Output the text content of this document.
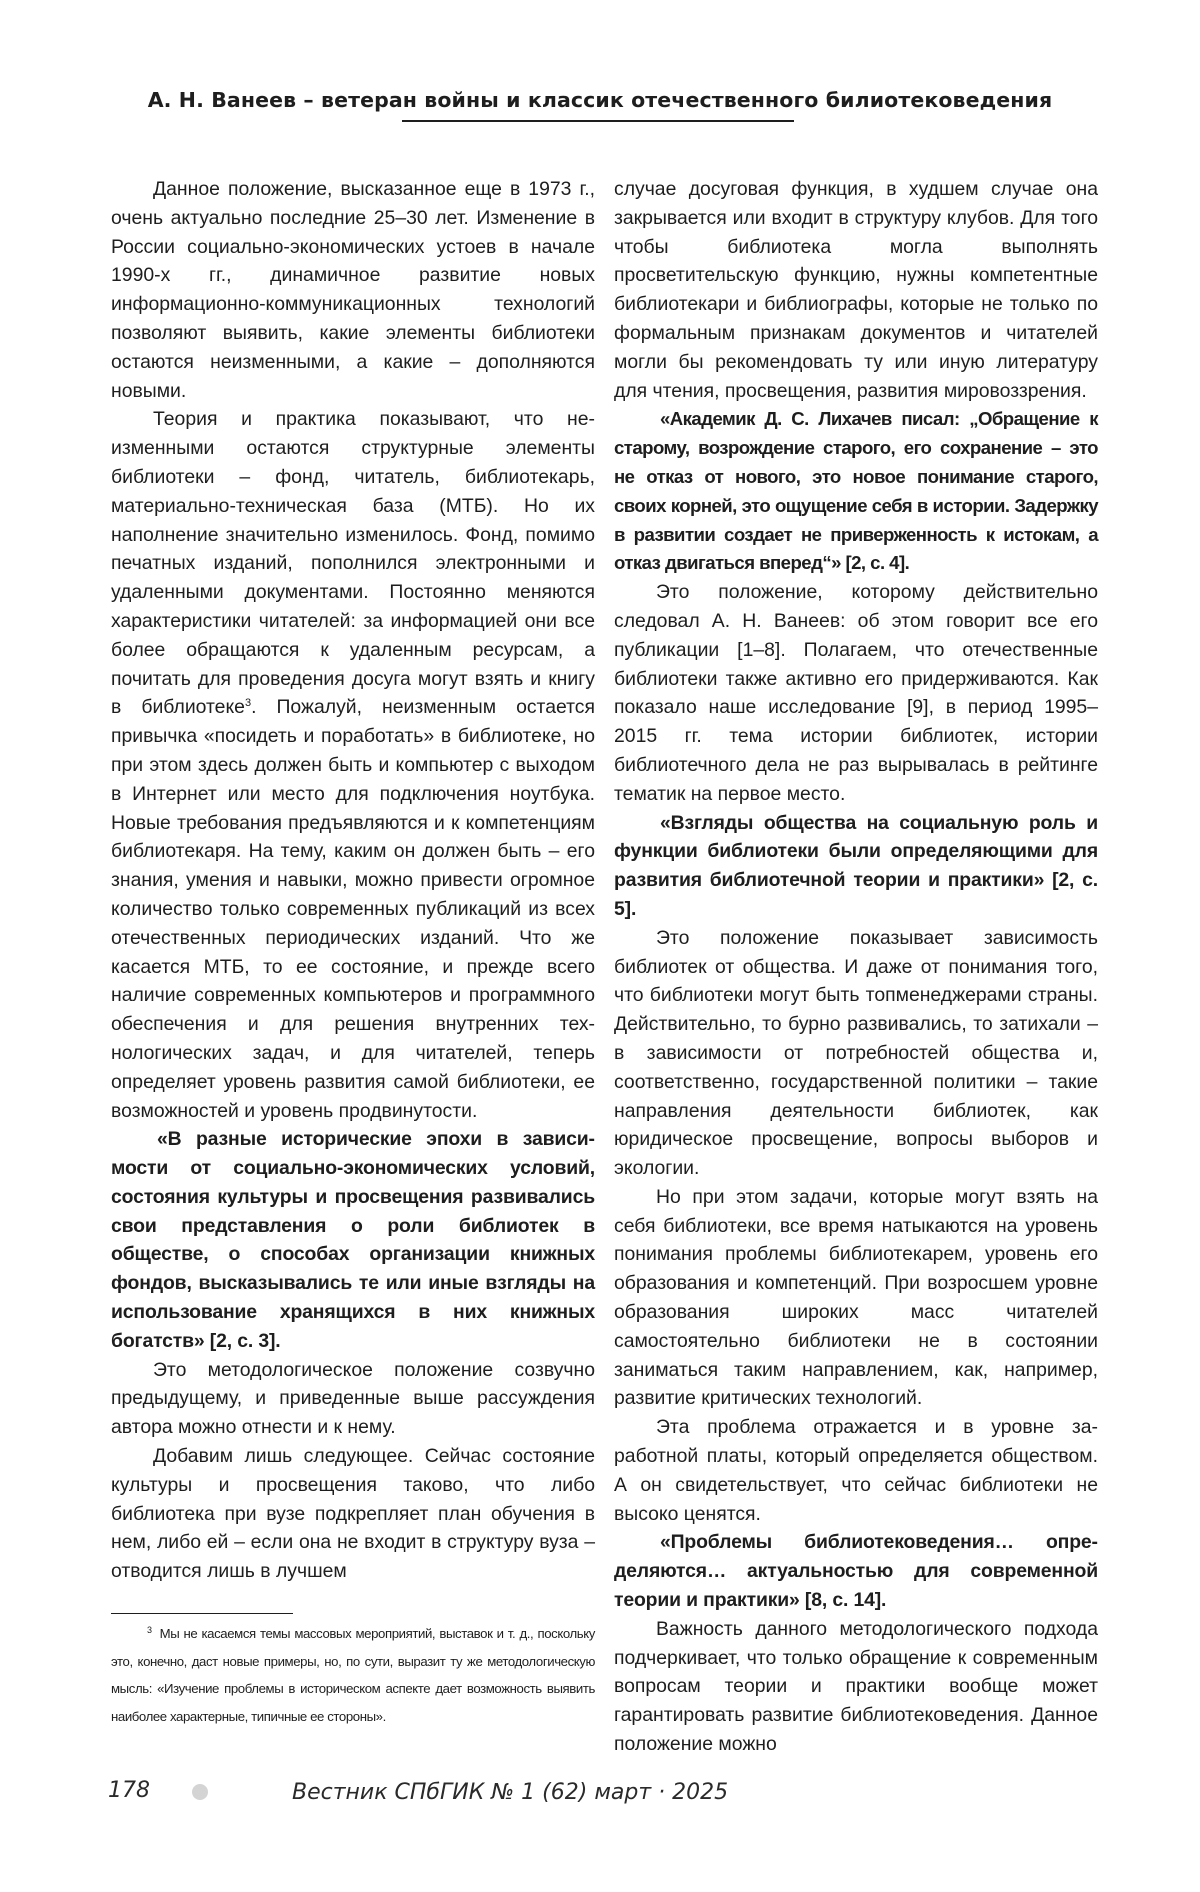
А. Н. Ванеев – ветеран войны и классик отечественного билиотековедения

Данное положение, высказанное еще в 1973 г., очень актуально последние 25–30 лет. Изменение в России социально-экономических устоев в начале 1990-х гг., динамичное развитие новых информационно-коммуникационных технологий позволяют выявить, какие элементы библиотеки остаются неизменными, а какие – дополняются новыми.

Теория и практика показывают, что неизменными остаются структурные элементы библиотеки – фонд, читатель, библиотекарь, материально-техническая база (МТБ). Но их наполнение значительно изменилось. Фонд, помимо печатных изданий, пополнился электронными и удаленными документами. Постоянно меняются характеристики читателей: за информацией они все более обращаются к удаленным ресурсам, а почитать для проведения досуга могут взять и книгу в библиотеке$^3$. Пожалуй, неизменным остается привычка «посидеть и поработать» в библиотеке, но при этом здесь должен быть и компьютер с выходом в Интернет или место для подключения ноутбука. Новые требования предъявляются и к компетенциям библиотекаря. На тему, каким он должен быть – его знания, умения и навыки, можно привести огромное количество только современных публикаций из всех отечественных периодических изданий. Что же касается МТБ, то ее состояние, и прежде всего наличие современных компьютеров и программного обеспечения и для решения внутренних технологических задач, и для читателей, теперь определяет уровень развития самой библиотеки, ее возможностей и уровень продвинутости.

«В разные исторические эпохи в зависимости от социально-экономических условий, состояния культуры и просвещения развивались свои представления о роли библиотек в обществе, о способах организации книжных фондов, высказывались те или иные взгляды на использование хранящихся в них книжных богатств» [2, с. 3].

Это методологическое положение созвучно предыдущему, и приведенные выше рассуждения автора можно отнести и к нему.

Добавим лишь следующее. Сейчас состояние культуры и просвещения таково, что либо библиотека при вузе подкрепляет план обучения в нем, либо ей – если она не входит в структуру вуза – отводится лишь в лучшем

случае досуговая функция, в худшем случае она закрывается или входит в структуру клубов. Для того чтобы библиотека могла выполнять просветительскую функцию, нужны компетентные библиотекари и библиографы, которые не только по формальным признакам документов и читателей могли бы рекомендовать ту или иную литературу для чтения, просвещения, развития мировоззрения.

«Академик Д. С. Лихачев писал: „Обращение к старому, возрождение старого, его сохранение – это не отказ от нового, это новое понимание старого, своих корней, это ощущение себя в истории. Задержку в развитии создает не приверженность к истокам, а отказ двигаться вперед“» [2, с. 4].

Это положение, которому действительно следовал А. Н. Ванеев: об этом говорит все его публикации [1–8]. Полагаем, что отечественные библиотеки также активно его придерживаются. Как показало наше исследование [9], в период 1995–2015 гг. тема истории библиотек, истории библиотечного дела не раз вырывалась в рейтинге тематик на первое место.

«Взгляды общества на социальную роль и функции библиотеки были определяющими для развития библиотечной теории и практики» [2, с. 5].

Это положение показывает зависимость библиотек от общества. И даже от понимания того, что библиотеки могут быть топменеджерами страны. Действительно, то бурно развивались, то затихали – в зависимости от потребностей общества и, соответственно, государственной политики – такие направления деятельности библиотек, как юридическое просвещение, вопросы выборов и экологии.

Но при этом задачи, которые могут взять на себя библиотеки, все время натыкаются на уровень понимания проблемы библиотекарем, уровень его образования и компетенций. При возросшем уровне образования широких масс читателей самостоятельно библиотеки не в состоянии заниматься таким направлением, как, например, развитие критических технологий.

Эта проблема отражается и в уровне заработной платы, который определяется обществом. А он свидетельствует, что сейчас библиотеки не высоко ценятся.

«Проблемы библиотековедения… определяются… актуальностью для современной теории и практики» [8, с. 14].

Важность данного методологического подхода подчеркивает, что только обращение к современным вопросам теории и практики вообще может гарантировать развитие библиотековедения. Данное положение можно

$^3$ Мы не касаемся темы массовых мероприятий, выставок и т. д., поскольку это, конечно, даст новые примеры, но, по сути, выразит ту же методологическую мысль: «Изучение проблемы в историческом аспекте дает возможность выявить наиболее характерные, типичные ее стороны».

178	Вестник СПбГИК № 1 (62) март · 2025
